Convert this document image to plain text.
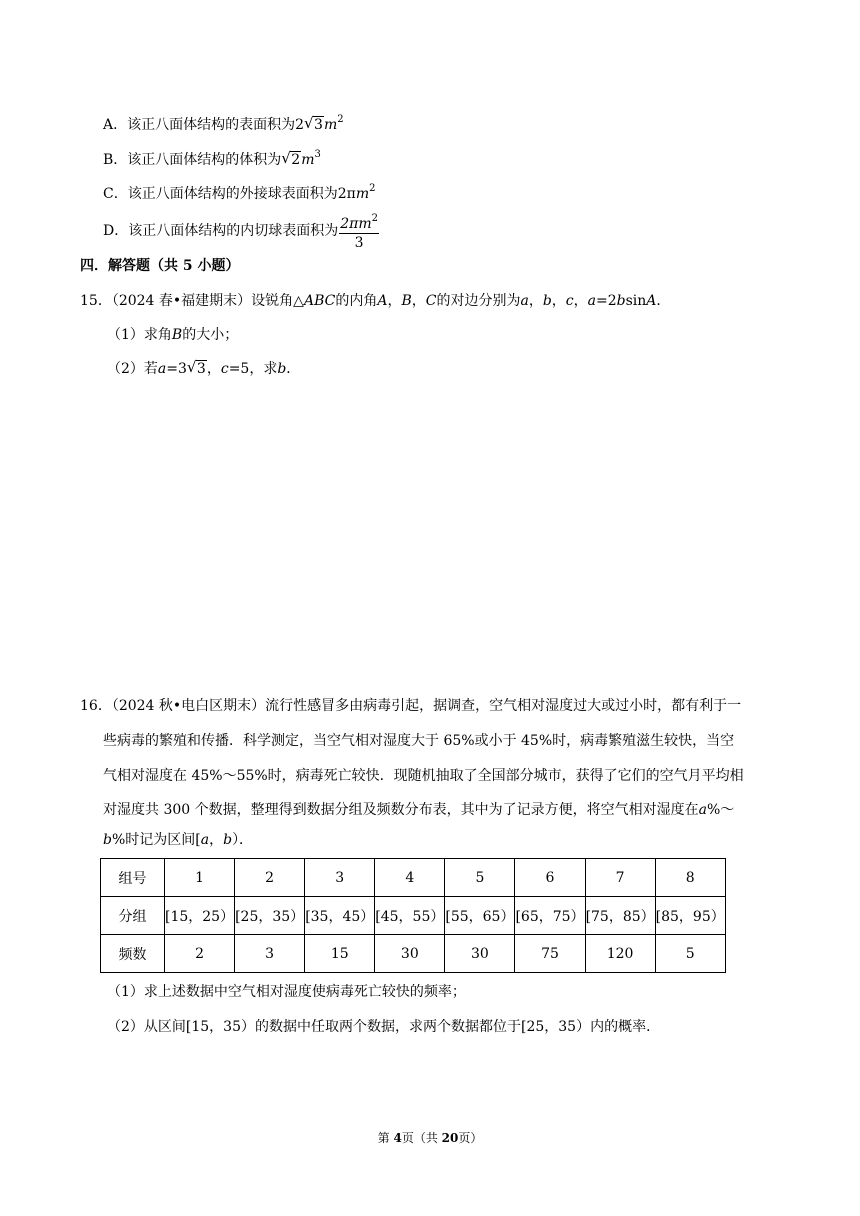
A．该正八面体结构的表面积为2 √ $3m^2$
B．该正八面体结构的体积为 √ $2m^3$
C．该正八面体结构的外接球表面积为$2\pi m^2$
D．该正八面体结构的内切球表面积为 $\frac{2\pi m^2}{3}$
四．解答题（共 5 小题）
15．（2024 春•福建期末）设锐角△ABC的内角A，B，C的对边分别为a，b，c，a=2bsinA．
（1）求角B的大小；
（2）若a=3 √ 3，c=5，求b．
16．（2024 秋•电白区期末）流行性感冒多由病毒引起，据调查，空气相对湿度过大或过小时，都有利于一
些病毒的繁殖和传播．科学测定，当空气相对湿度大于 65%或小于 45%时，病毒繁殖滋生较快，当空
气相对湿度在 45%～55%时，病毒死亡较快．现随机抽取了全国部分城市，获得了它们的空气月平均相
对湿度共 300 个数据，整理得到数据分组及频数分布表，其中为了记录方便，将空气相对湿度在a%～
b%时记为区间[a，b）．
组号	1	2	3	4	5	6	7	8
分组	[15，25）	[25，35）	[35，45）	[45，55）	[55，65）	[65，75）	[75，85）	[85，95）
频数	2	3	15	30	30	75	120	5
（1）求上述数据中空气相对湿度使病毒死亡较快的频率；
（2）从区间[15，35）的数据中任取两个数据，求两个数据都位于[25，35）内的概率．
第 4页（共 20页）
